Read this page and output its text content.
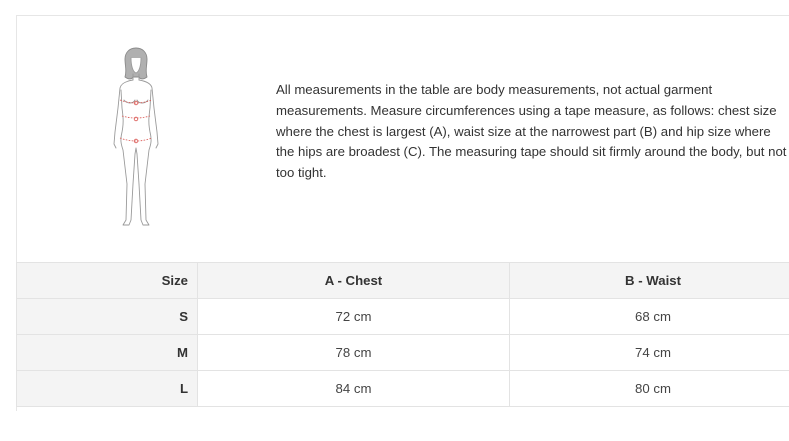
All measurements in the table are body measurements, not actual garment measurements. Measure circumferences using a tape measure, as follows: chest size where the chest is largest (A), waist size at the narrowest part (B) and hip size where the hips are broadest (C). The measuring tape should sit firmly around the body, but not too tight.
Size	A - Chest	B - Waist
S	72 cm	68 cm
M	78 cm	74 cm
L	84 cm	80 cm
